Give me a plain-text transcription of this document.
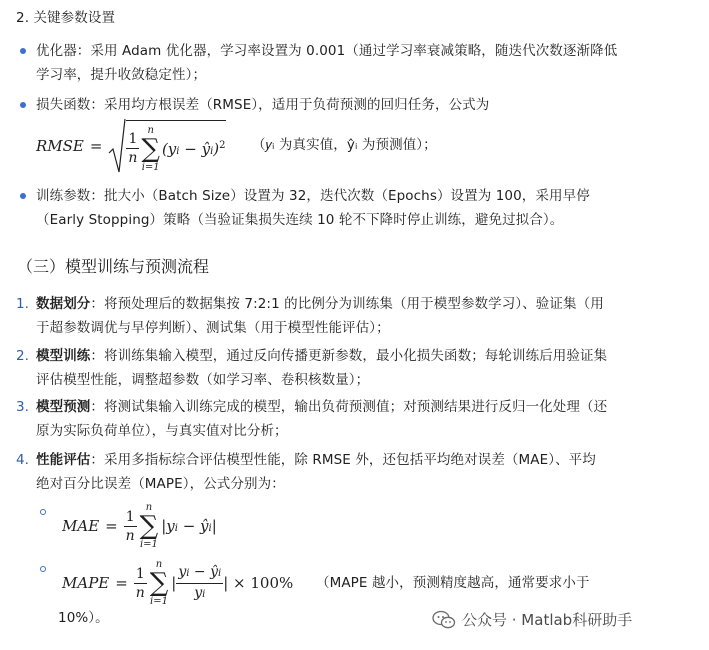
2. 关键参数设置
优化器：采用 Adam 优化器，学习率设置为 0.001（通过学习率衰减策略，随迭代次数逐渐降低
学习率，提升收敛稳定性）；
损失函数：采用均方根误差（RMSE），适用于负荷预测的回归任务，公式为
RMSE = 1
n
n
∑
i=1
(yi − ŷi)$^2$ （𝑦ᵢ 为真实值，ŷᵢ 为预测值）；
训练参数：批大小（Batch Size）设置为 32，迭代次数（Epochs）设置为 100，采用早停
（Early Stopping）策略（当验证集损失连续 10 轮不下降时停止训练，避免过拟合）。
（三）模型训练与预测流程
1. 数据划分：将预处理后的数据集按 7:2:1 的比例分为训练集（用于模型参数学习）、验证集（用
于超参数调优与早停判断）、测试集（用于模型性能评估）；
2. 模型训练：将训练集输入模型，通过反向传播更新参数，最小化损失函数；每轮训练后用验证集
评估模型性能，调整超参数（如学习率、卷积核数量）；
3. 模型预测：将测试集输入训练完成的模型，输出负荷预测值；对预测结果进行反归一化处理（还
原为实际负荷单位），与真实值对比分析；
4. 性能评估：采用多指标综合评估模型性能，除 RMSE 外，还包括平均绝对误差（MAE）、平均
绝对百分比误差（MAPE），公式分别为：
MAE = $\frac{1}{n}$ n
∑
i=1
|yi − ŷi|
MAPE = $\frac{1}{n}$ n
∑
i=1
|
yi − ŷi
yi
| × 100% （MAPE 越小，预测精度越高，通常要求小于
10%）。	公众号 · Matlab科研助手
